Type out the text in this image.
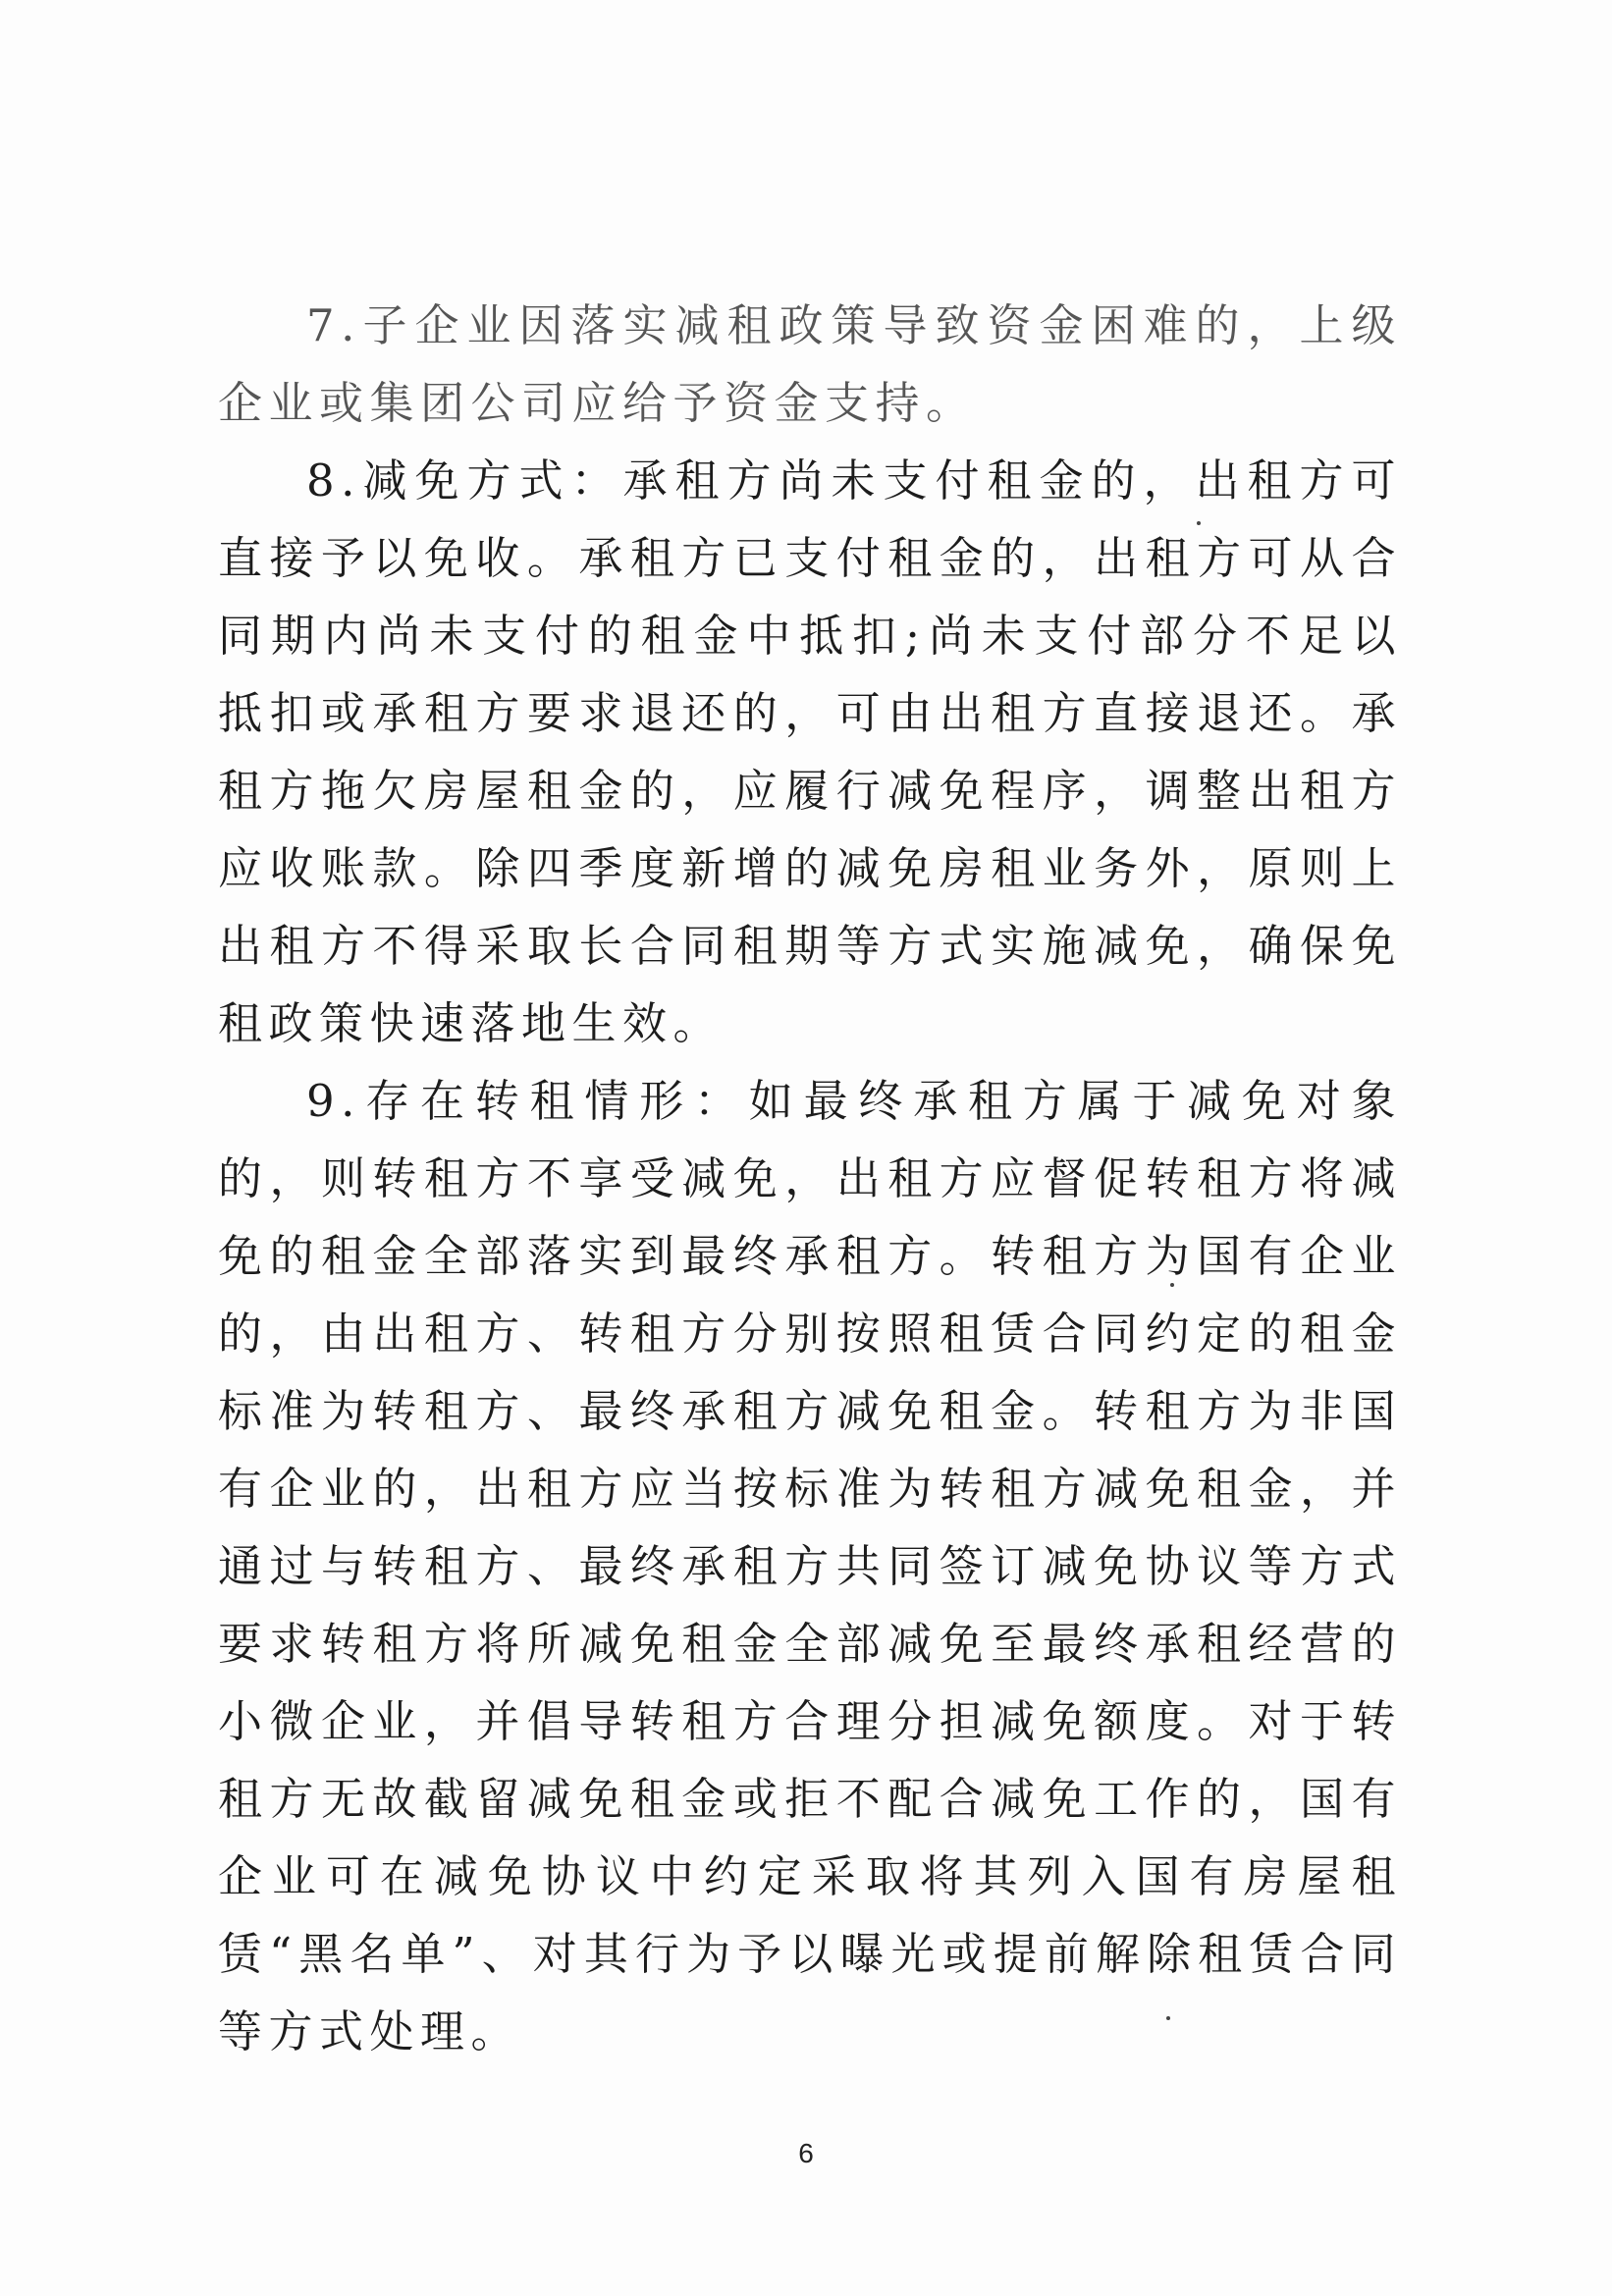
7.子企业因落实减租政策导致资金困难的，上级企业或集团公司应给予资金支持。

8.减免方式：承租方尚未支付租金的，出租方可直接予以免收。承租方已支付租金的，出租方可从合同期内尚未支付的租金中抵扣;尚未支付部分不足以抵扣或承租方要求退还的，可由出租方直接退还。承租方拖欠房屋租金的，应履行减免程序，调整出租方应收账款。除四季度新增的减免房租业务外，原则上出租方不得采取长合同租期等方式实施减免，确保免租政策快速落地生效。

9.存在转租情形：如最终承租方属于减免对象的，则转租方不享受减免，出租方应督促转租方将减免的租金全部落实到最终承租方。转租方为国有企业的，由出租方、转租方分别按照租赁合同约定的租金标准为转租方、最终承租方减免租金。转租方为非国有企业的，出租方应当按标准为转租方减免租金，并通过与转租方、最终承租方共同签订减免协议等方式要求转租方将所减免租金全部减免至最终承租经营的小微企业，并倡导转租方合理分担减免额度。对于转租方无故截留减免租金或拒不配合减免工作的，国有企业可在减免协议中约定采取将其列入国有房屋租赁“黑名单”、对其行为予以曝光或提前解除租赁合同等方式处理。

6
